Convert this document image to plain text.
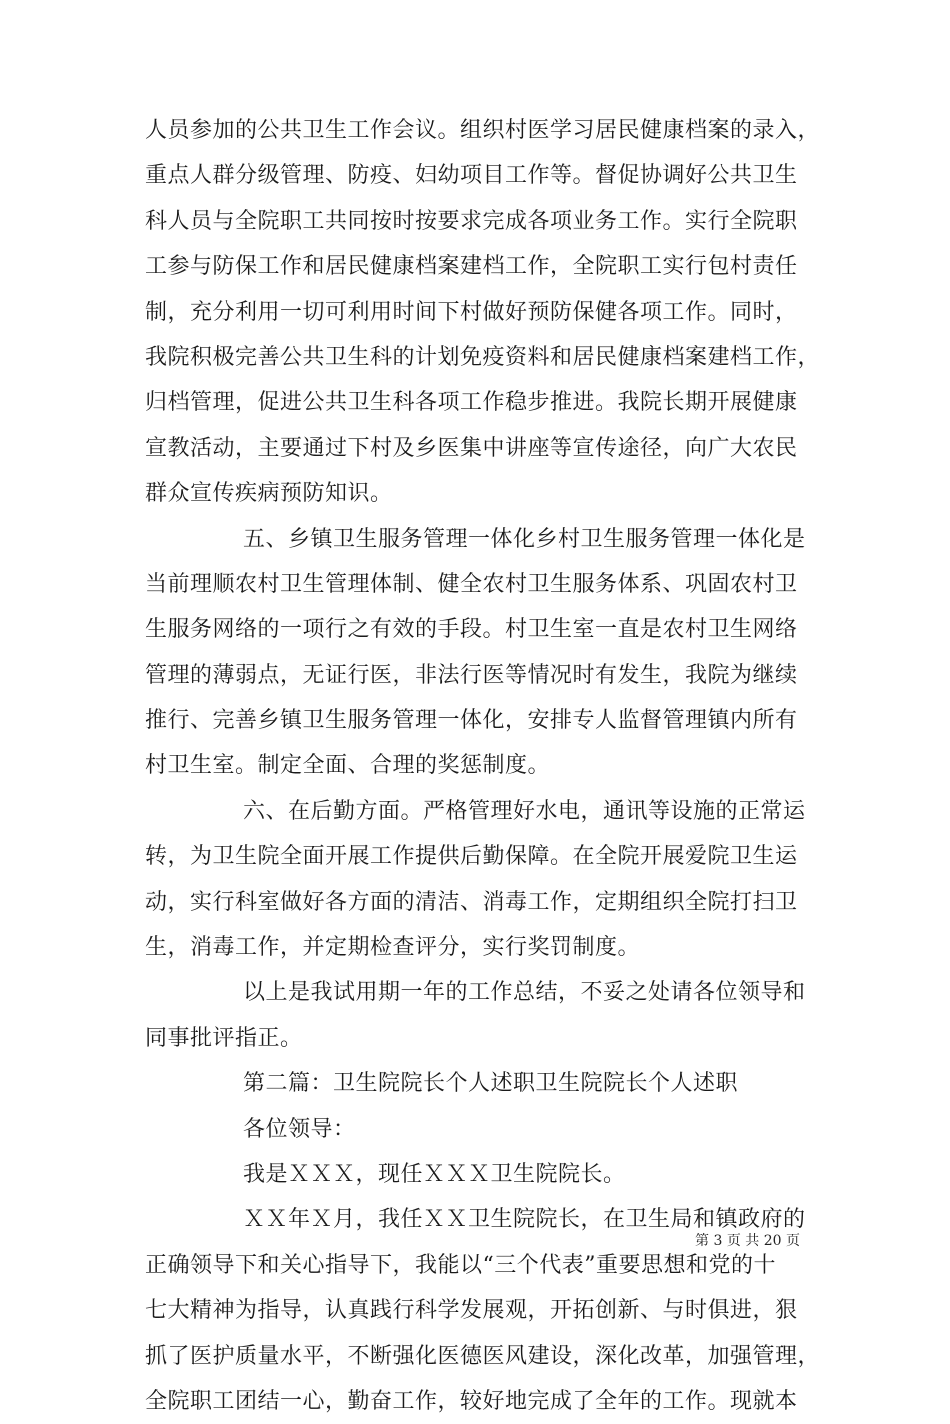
人员参加的公共卫生工作会议。组织村医学习居民健康档案的录入，
重点人群分级管理、防疫、妇幼项目工作等。督促协调好公共卫生
科人员与全院职工共同按时按要求完成各项业务工作。实行全院职
工参与防保工作和居民健康档案建档工作，全院职工实行包村责任
制，充分利用一切可利用时间下村做好预防保健各项工作。同时，
我院积极完善公共卫生科的计划免疫资料和居民健康档案建档工作，
归档管理，促进公共卫生科各项工作稳步推进。我院长期开展健康
宣教活动，主要通过下村及乡医集中讲座等宣传途径，向广大农民
群众宣传疾病预防知识。
五、乡镇卫生服务管理一体化乡村卫生服务管理一体化是
当前理顺农村卫生管理体制、健全农村卫生服务体系、巩固农村卫
生服务网络的一项行之有效的手段。村卫生室一直是农村卫生网络
管理的薄弱点，无证行医，非法行医等情况时有发生，我院为继续
推行、完善乡镇卫生服务管理一体化，安排专人监督管理镇内所有
村卫生室。制定全面、合理的奖惩制度。
六、在后勤方面。严格管理好水电，通讯等设施的正常运
转，为卫生院全面开展工作提供后勤保障。在全院开展爱院卫生运
动，实行科室做好各方面的清洁、消毒工作，定期组织全院打扫卫
生，消毒工作，并定期检查评分，实行奖罚制度。
以上是我试用期一年的工作总结，不妥之处请各位领导和
同事批评指正。
第二篇：卫生院院长个人述职卫生院院长个人述职
各位领导：
我是ＸＸＸ，现任ＸＸＸ卫生院院长。
ＸＸ年Ｘ月，我任ＸＸ卫生院院长，在卫生局和镇政府的
正确领导下和关心指导下，我能以“三个代表”重要思想和党的十
七大精神为指导，认真践行科学发展观，开拓创新、与时俱进，狠
抓了医护质量水平，不断强化医德医风建设，深化改革，加强管理，
全院职工团结一心，勤奋工作，较好地完成了全年的工作。现就本
第 3 页 共 20 页
